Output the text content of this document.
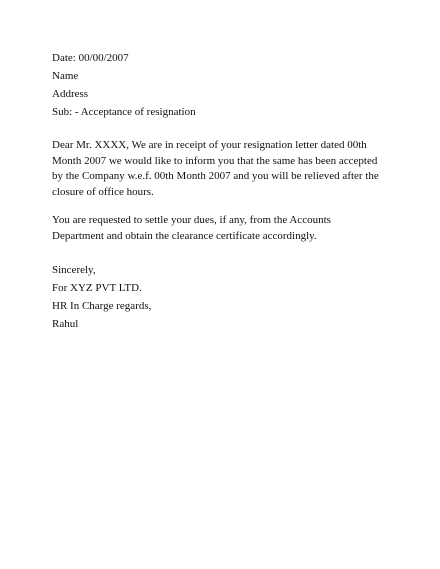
Date: 00/00/2007
Name
Address
Sub: - Acceptance of resignation
Dear Mr. XXXX, We are in receipt of your resignation letter dated 00th
Month 2007 we would like to inform you that the same has been accepted
by the Company w.e.f. 00th Month 2007 and you will be relieved after the
closure of office hours.
You are requested to settle your dues, if any, from the Accounts
Department and obtain the clearance certificate accordingly.
Sincerely,
For XYZ PVT LTD.
HR In Charge regards,
Rahul
